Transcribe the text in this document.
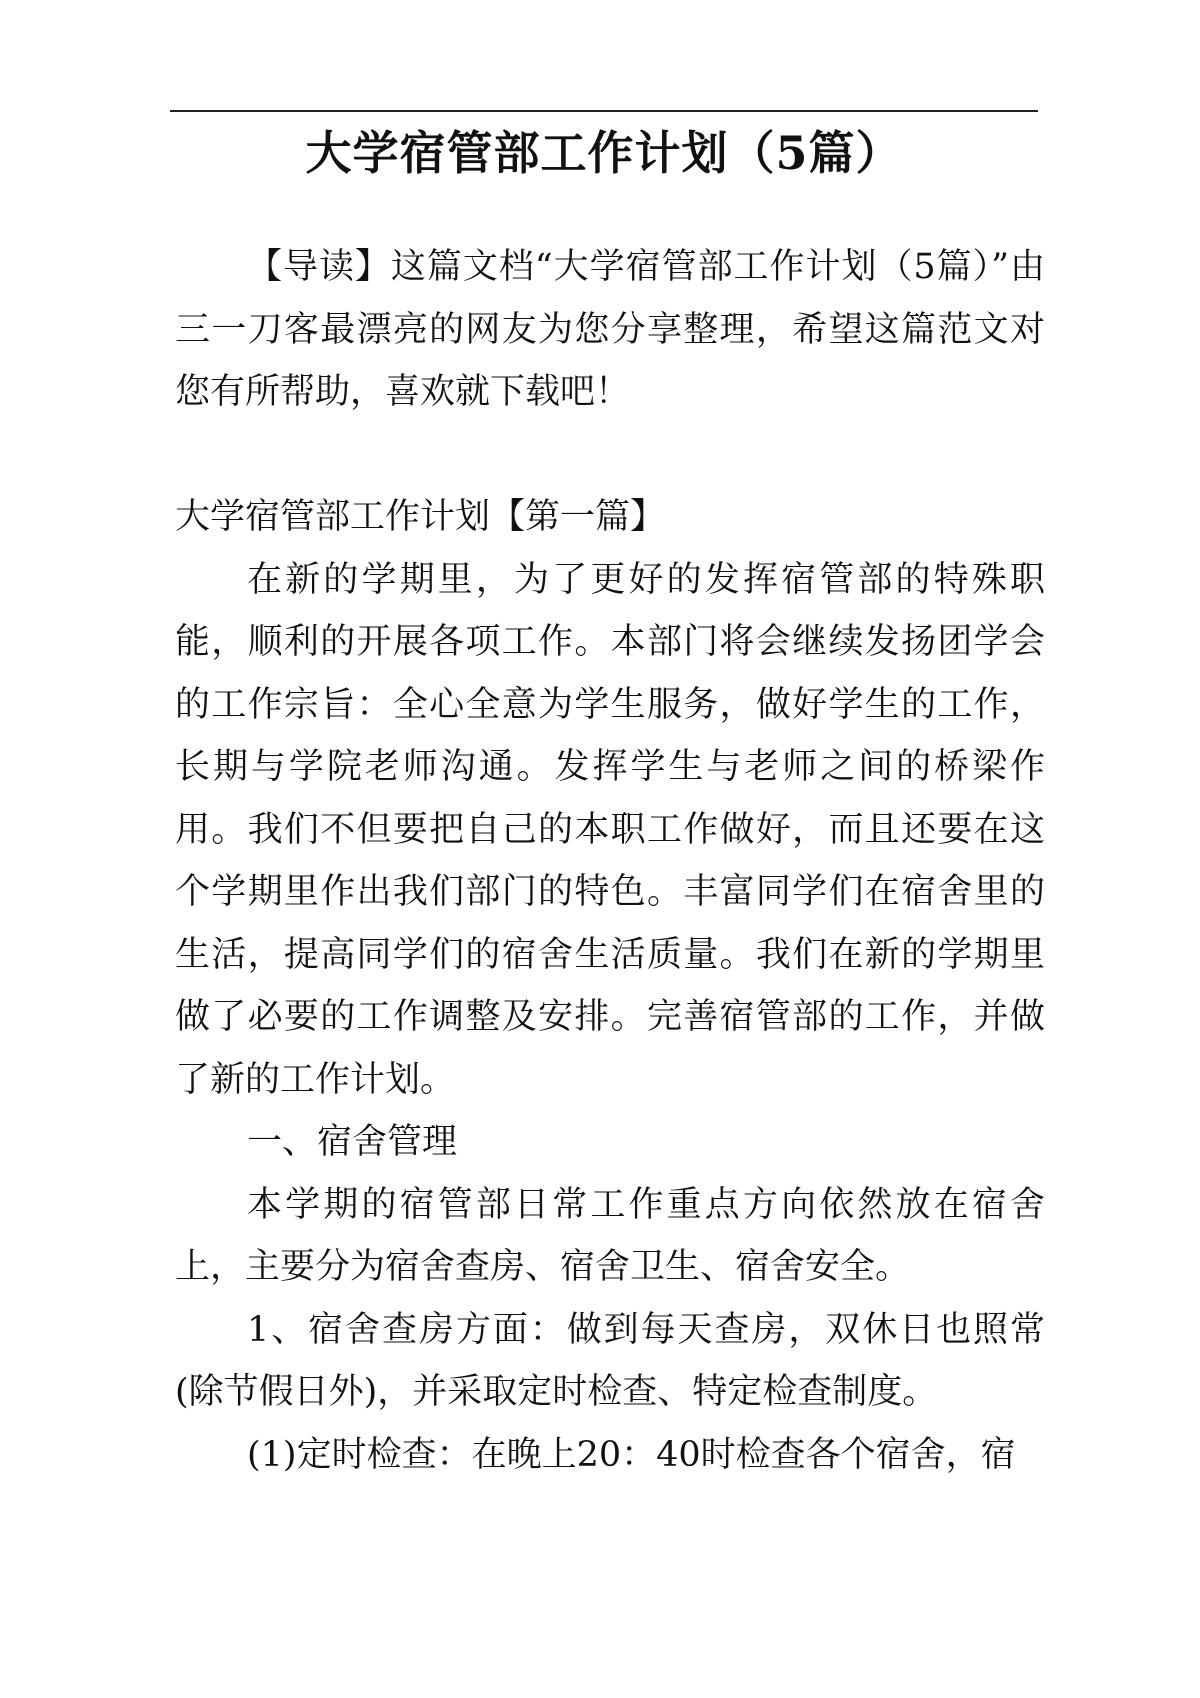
大学宿管部工作计划（5篇）

【导读】这篇文档“大学宿管部工作计划（5篇）”由三一刀客最漂亮的网友为您分享整理，希望这篇范文对您有所帮助，喜欢就下载吧！

大学宿管部工作计划【第一篇】

在新的学期里，为了更好的发挥宿管部的特殊职能，顺利的开展各项工作。本部门将会继续发扬团学会的工作宗旨：全心全意为学生服务，做好学生的工作，长期与学院老师沟通。发挥学生与老师之间的桥梁作用。我们不但要把自己的本职工作做好，而且还要在这个学期里作出我们部门的特色。丰富同学们在宿舍里的生活，提高同学们的宿舍生活质量。我们在新的学期里做了必要的工作调整及安排。完善宿管部的工作，并做了新的工作计划。

一、宿舍管理

本学期的宿管部日常工作重点方向依然放在宿舍上，主要分为宿舍查房、宿舍卫生、宿舍安全。

1、宿舍查房方面：做到每天查房，双休日也照常(除节假日外)，并采取定时检查、特定检查制度。

(1)定时检查：在晚上20：40时检查各个宿舍，宿
